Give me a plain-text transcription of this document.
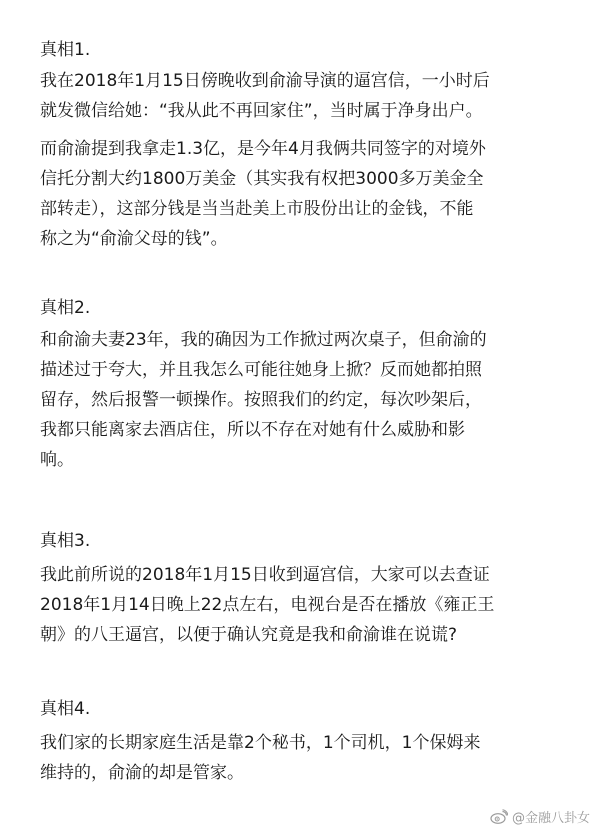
真相1.
我在2018年1月15日傍晚收到俞渝导演的逼宫信，一小时后
就发微信给她：“我从此不再回家住”，当时属于净身出户。
而俞渝提到我拿走1.3亿，是今年4月我俩共同签字的对境外
信托分割大约1800万美金（其实我有权把3000多万美金全
部转走），这部分钱是当当赴美上市股份出让的金钱，不能
称之为“俞渝父母的钱”。
真相2.
和俞渝夫妻23年，我的确因为工作掀过两次桌子，但俞渝的
描述过于夸大，并且我怎么可能往她身上掀？反而她都拍照
留存，然后报警一顿操作。按照我们的约定，每次吵架后，
我都只能离家去酒店住，所以不存在对她有什么威胁和影
响。
真相3.
我此前所说的2018年1月15日收到逼宫信，大家可以去查证
2018年1月14日晚上22点左右，电视台是否在播放《雍正王
朝》的八王逼宫，以便于确认究竟是我和俞渝谁在说谎?
真相4.
我们家的长期家庭生活是靠2个秘书，1个司机，1个保姆来
维持的，俞渝的却是管家。
@金融八卦女
